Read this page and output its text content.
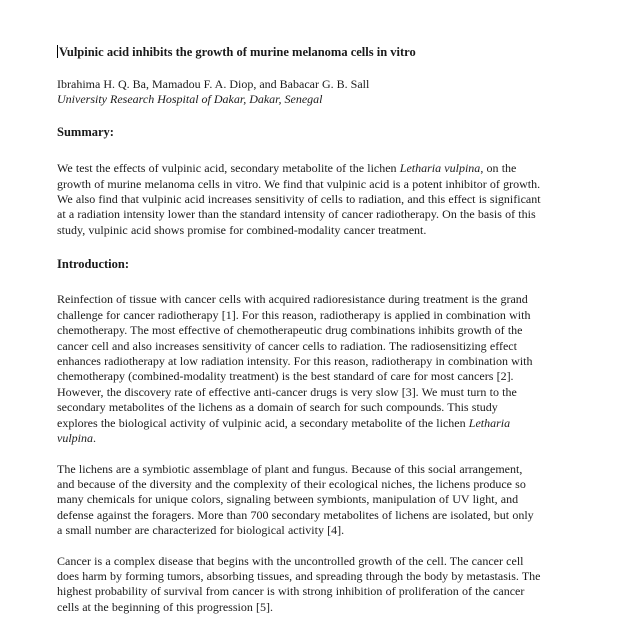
Vulpinic acid inhibits the growth of murine melanoma cells in vitro

Ibrahima H. Q. Ba, Mamadou F. A. Diop, and Babacar G. B. Sall
University Research Hospital of Dakar, Dakar, Senegal

Summary:

We test the effects of vulpinic acid, secondary metabolite of the lichen Letharia vulpina, on the
growth of murine melanoma cells in vitro. We find that vulpinic acid is a potent inhibitor of growth.
We also find that vulpinic acid increases sensitivity of cells to radiation, and this effect is significant
at a radiation intensity lower than the standard intensity of cancer radiotherapy. On the basis of this
study, vulpinic acid shows promise for combined-modality cancer treatment.

Introduction:

Reinfection of tissue with cancer cells with acquired radioresistance during treatment is the grand
challenge for cancer radiotherapy [1]. For this reason, radiotherapy is applied in combination with
chemotherapy. The most effective of chemotherapeutic drug combinations inhibits growth of the
cancer cell and also increases sensitivity of cancer cells to radiation. The radiosensitizing effect
enhances radiotherapy at low radiation intensity. For this reason, radiotherapy in combination with
chemotherapy (combined-modality treatment) is the best standard of care for most cancers [2].
However, the discovery rate of effective anti-cancer drugs is very slow [3]. We must turn to the
secondary metabolites of the lichens as a domain of search for such compounds. This study
explores the biological activity of vulpinic acid, a secondary metabolite of the lichen Letharia
vulpina.
The lichens are a symbiotic assemblage of plant and fungus. Because of this social arrangement,
and because of the diversity and the complexity of their ecological niches, the lichens produce so
many chemicals for unique colors, signaling between symbionts, manipulation of UV light, and
defense against the foragers. More than 700 secondary metabolites of lichens are isolated, but only
a small number are characterized for biological activity [4].
Cancer is a complex disease that begins with the uncontrolled growth of the cell. The cancer cell
does harm by forming tumors, absorbing tissues, and spreading through the body by metastasis. The
highest probability of survival from cancer is with strong inhibition of proliferation of the cancer
cells at the beginning of this progression [5].
